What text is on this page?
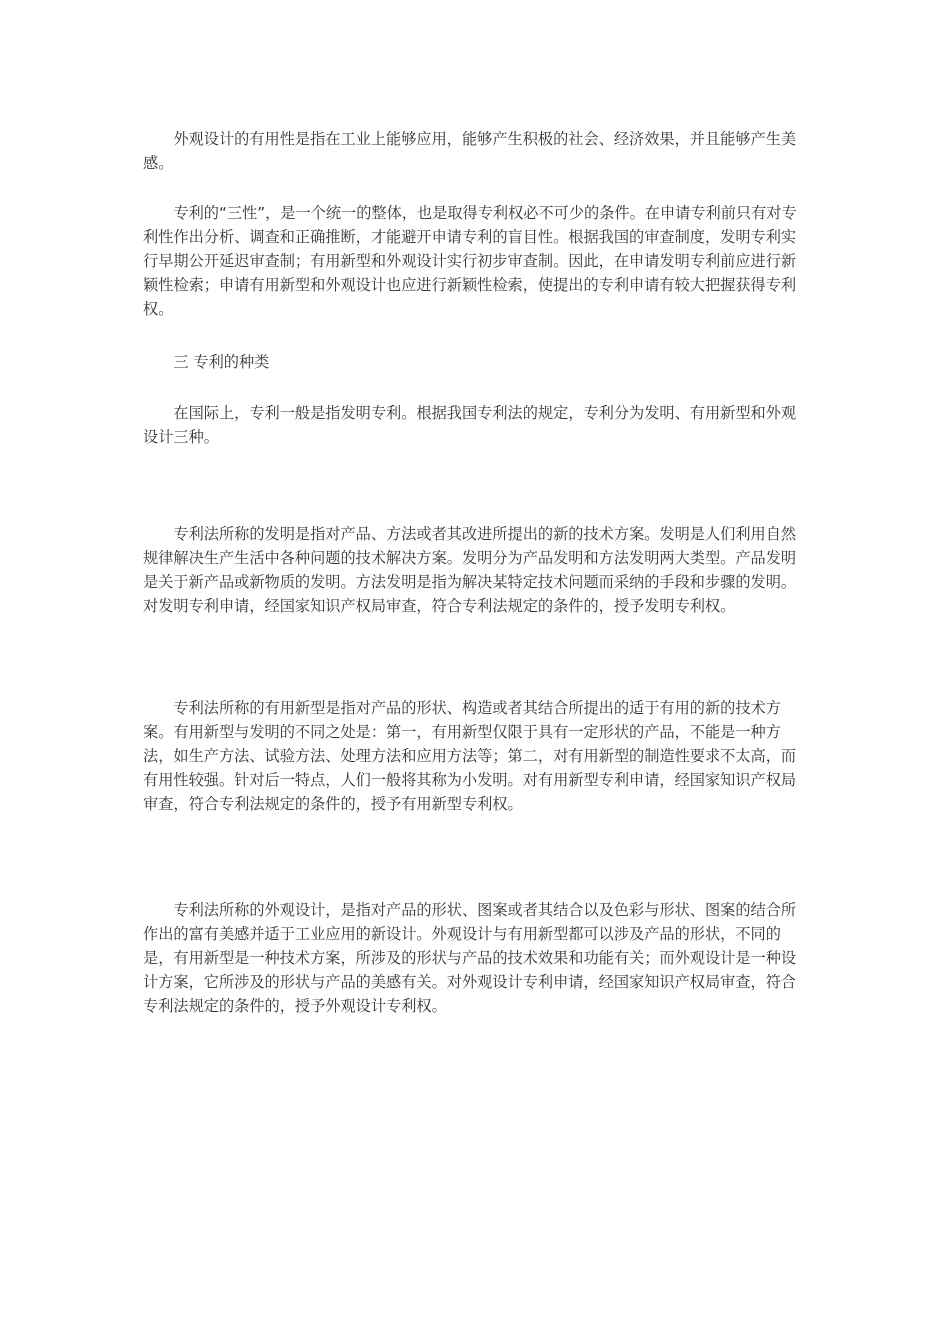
外观设计的有用性是指在工业上能够应用，能够产生积极的社会、经济效果，并且能够产生美感。

专利的“三性”，是一个统一的整体，也是取得专利权必不可少的条件。在申请专利前只有对专利性作出分析、调查和正确推断，才能避开申请专利的盲目性。根据我国的审查制度，发明专利实行早期公开延迟审查制；有用新型和外观设计实行初步审查制。因此，在申请发明专利前应进行新颖性检索；申请有用新型和外观设计也应进行新颖性检索，使提出的专利申请有较大把握获得专利权。

三 专利的种类

在国际上，专利一般是指发明专利。根据我国专利法的规定，专利分为发明、有用新型和外观设计三种。

专利法所称的发明是指对产品、方法或者其改进所提出的新的技术方案。发明是人们利用自然规律解决生产生活中各种问题的技术解决方案。发明分为产品发明和方法发明两大类型。产品发明是关于新产品或新物质的发明。方法发明是指为解决某特定技术问题而采纳的手段和步骤的发明。对发明专利申请，经国家知识产权局审查，符合专利法规定的条件的，授予发明专利权。

专利法所称的有用新型是指对产品的形状、构造或者其结合所提出的适于有用的新的技术方案。有用新型与发明的不同之处是：第一，有用新型仅限于具有一定形状的产品，不能是一种方法，如生产方法、试验方法、处理方法和应用方法等；第二，对有用新型的制造性要求不太高，而有用性较强。针对后一特点，人们一般将其称为小发明。对有用新型专利申请，经国家知识产权局审查，符合专利法规定的条件的，授予有用新型专利权。

专利法所称的外观设计，是指对产品的形状、图案或者其结合以及色彩与形状、图案的结合所作出的富有美感并适于工业应用的新设计。外观设计与有用新型都可以涉及产品的形状，不同的是，有用新型是一种技术方案，所涉及的形状与产品的技术效果和功能有关；而外观设计是一种设计方案，它所涉及的形状与产品的美感有关。对外观设计专利申请，经国家知识产权局审查，符合专利法规定的条件的，授予外观设计专利权。
